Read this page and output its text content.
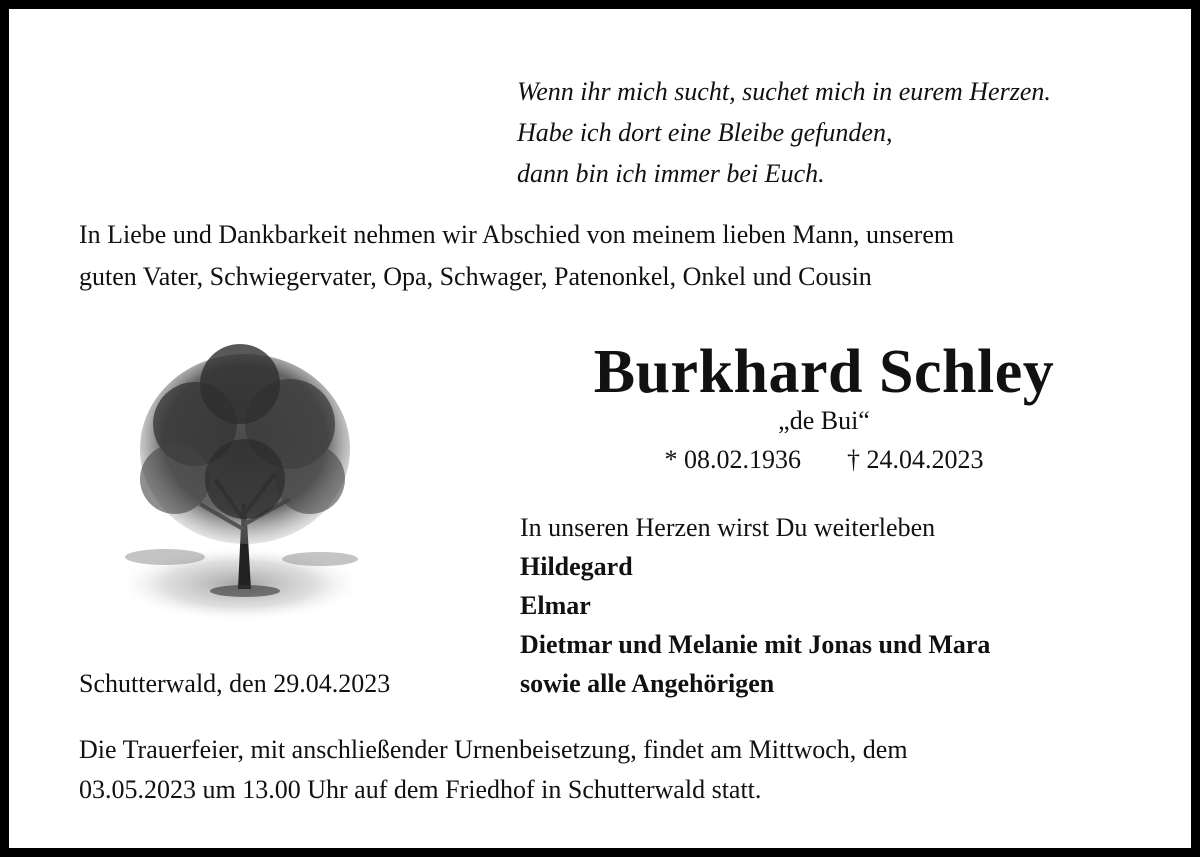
Wenn ihr mich sucht, suchet mich in eurem Herzen.
Habe ich dort eine Bleibe gefunden,
dann bin ich immer bei Euch.
In Liebe und Dankbarkeit nehmen wir Abschied von meinem lieben Mann, unserem
guten Vater, Schwiegervater, Opa, Schwager, Patenonkel, Onkel und Cousin
Burkhard Schley
„de Bui“
* 08.02.1936 † 24.04.2023
In unseren Herzen wirst Du weiterleben
Hildegard
Elmar
Dietmar und Melanie mit Jonas und Mara
sowie alle Angehörigen
Schutterwald, den 29.04.2023
Die Trauerfeier, mit anschließender Urnenbeisetzung, findet am Mittwoch, dem
03.05.2023 um 13.00 Uhr auf dem Friedhof in Schutterwald statt.
